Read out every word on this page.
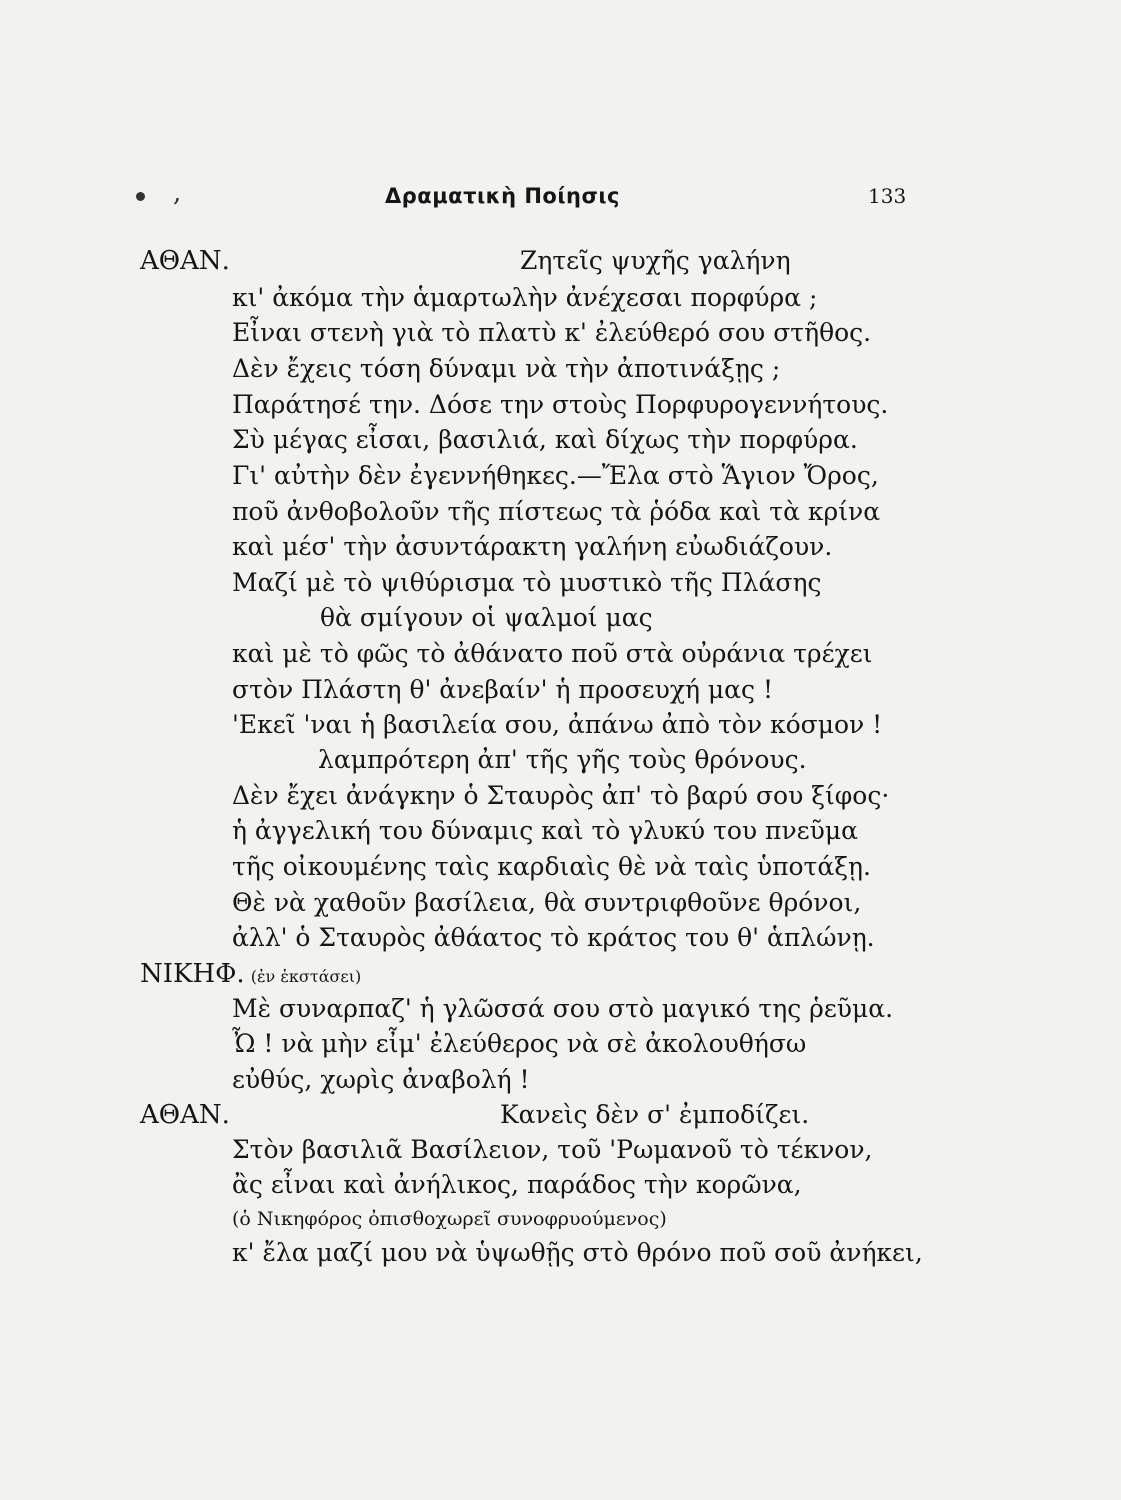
,	Δραματικὴ Ποίησις	133
ΑΘΑΝ.	Ζητεῖς ψυχῆς γαλήνη
κι' ἀκόμα τὴν ἁμαρτωλὴν ἀνέχεσαι πορφύρα ;
Εἶναι στενὴ γιὰ τὸ πλατὺ κ' ἐλεύθερό σου στῆθος.
Δὲν ἔχεις τόση δύναμι νὰ τὴν ἀποτινάξῃς ;
Παράτησέ την. Δόσε την στοὺς Πορφυρογεννήτους.
Σὺ μέγας εἶσαι, βασιλιά, καὶ δίχως τὴν πορφύρα.
Γι' αὐτὴν δὲν ἐγεννήθηκες.—Ἔλα στὸ Ἅγιον Ὄρος,
ποῦ ἀνθοβολοῦν τῆς πίστεως τὰ ῥόδα καὶ τὰ κρίνα
καὶ μέσ' τὴν ἀσυντάρακτη γαλήνη εὐωδιάζουν.
Μαζί μὲ τὸ ψιθύρισμα τὸ μυστικὸ τῆς Πλάσης
θὰ σμίγουν οἱ ψαλμοί μας
καὶ μὲ τὸ φῶς τὸ ἀθάνατο ποῦ στὰ οὐράνια τρέχει
στὸν Πλάστη θ' ἀνεβαίν' ἡ προσευχή μας !
'Εκεῖ 'ναι ἡ βασιλεία σου, ἀπάνω ἀπὸ τὸν κόσμον !
λαμπρότερη ἀπ' τῆς γῆς τοὺς θρόνους.
Δὲν ἔχει ἀνάγκην ὁ Σταυρὸς ἀπ' τὸ βαρύ σου ξίφος·
ἡ ἀγγελική του δύναμις καὶ τὸ γλυκύ του πνεῦμα
τῆς οἰκουμένης ταὶς καρδιαὶς θὲ νὰ ταὶς ὑποτάξῃ.
Θὲ νὰ χαθοῦν βασίλεια, θὰ συντριφθοῦνε θρόνοι,
ἀλλ' ὁ Σταυρὸς ἀθάατος τὸ κράτος του θ' ἁπλώνῃ.
ΝΙΚΗΦ. (ἐν ἐκστάσει)
Μὲ συναρπαζ' ἡ γλῶσσά σου στὸ μαγικό της ῥεῦμα.
Ὦ ! νὰ μὴν εἶμ' ἐλεύθερος νὰ σὲ ἀκολουθήσω
εὐθύς, χωρὶς ἀναβολή !
ΑΘΑΝ.	Κανεὶς δὲν σ' ἐμποδίζει.
Στὸν βασιλιᾶ Βασίλειον, τοῦ 'Ρωμανοῦ τὸ τέκνον,
ἂς εἶναι καὶ ἀνήλικος, παράδος τὴν κορῶνα,
(ὁ Νικηφόρος ὀπισθοχωρεῖ συνοφρυούμενος)
κ' ἔλα μαζί μου νὰ ὑψωθῇς στὸ θρόνο ποῦ σοῦ ἀνήκει,
